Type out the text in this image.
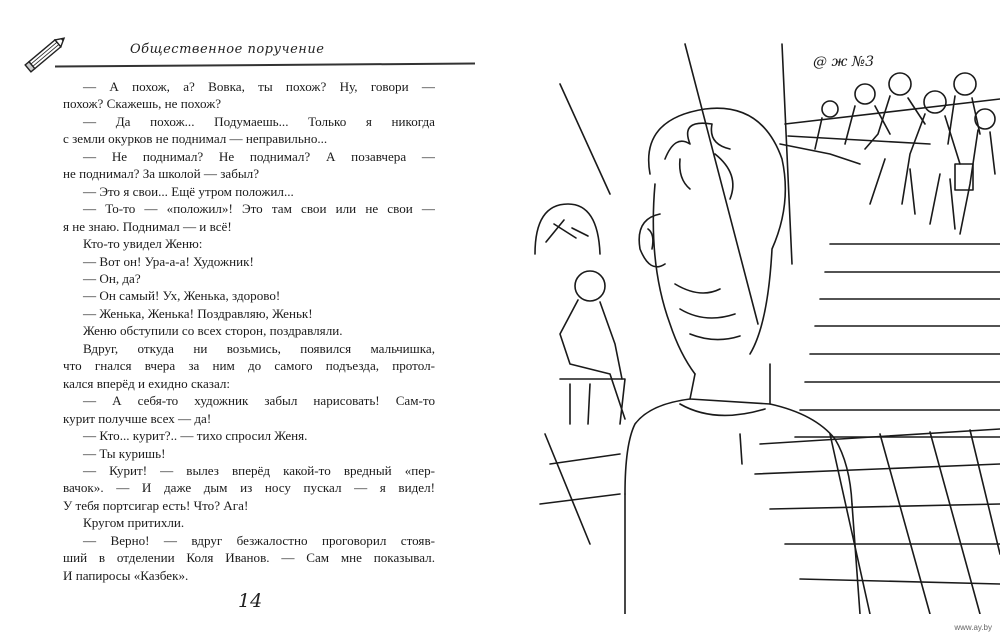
Общественное поручение
— А похож, а? Вовка, ты похож? Ну, говори —
похож? Скажешь, не похож?
— Да похож... Подумаешь... Только я никогда
с земли окурков не поднимал — неправильно...
— Не поднимал? Не поднимал? А позавчера —
не поднимал? За школой — забыл?
— Это я свои... Ещё утром положил...
— То-то — «положил»! Это там свои или не свои —
я не знаю. Поднимал — и всё!
Кто-то увидел Женю:
— Вот он! Ура-а-а! Художник!
— Он, да?
— Он самый! Ух, Женька, здорово!
— Женька, Женька! Поздравляю, Женьк!
Женю обступили со всех сторон, поздравляли.
Вдруг, откуда ни возьмись, появился мальчишка,
что гнался вчера за ним до самого подъезда, протол-
кался вперёд и ехидно сказал:
— А себя-то художник забыл нарисовать! Сам-то
курит получше всех — да!
— Кто... курит?.. — тихо спросил Женя.
— Ты куришь!
— Курит! — вылез вперёд какой-то вредный «пер-
вачок». — И даже дым из носу пускал — я видел!
У тебя портсигар есть! Что? Ага!
Кругом притихли.
— Верно! — вдруг безжалостно проговорил стояв-
ший в отделении Коля Иванов. — Сам мне показывал.
И папиросы «Казбек».
14
@ ж №3
www.ay.by
